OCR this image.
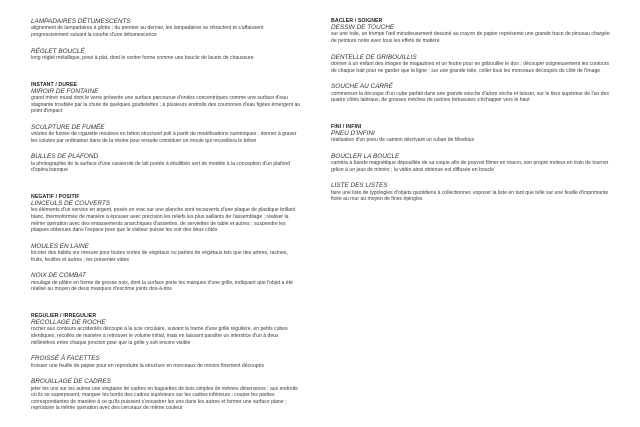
LAMPADAIRES DÉTUMESCENTS

alignement de lampadaires à globe ; du premier au dernier, les lampadaires se rétractent et s'affaissent progressivement suivant la courbe d'une détumescence

RÉGLET BOUCLÉ

long réglet métallique, posé à plat, dont le centre forme comme une boucle de lacets de chaussure

INSTANT / DUREE
MIROIR DE FONTAINE

grand miroir mural dont le verre présente une surface parcourue d'ondes concentriques comme une surface d'eau stagnante troublée par la chute de quelques gouttelettes ; à plusieurs endroits des couronnes d'eau figées émergent au point d'impact

SCULPTURE DE FUMÉE

volutes de fumée de cigarette moulées en béton structurel poli à partir de modélisations numériques ; donner à graver les volutes par ordinateur dans de la résine pour ensuite constituer un moule qui recueillera le béton

BULLES DE PLAFOND

la photographie de la surface d'une casserole de lait portée à ébullition sert de modèle à la conception d'un plafond d'opéra baroque

NEGATIF / POSITIF
LINCEULS DE COUVERTS

les éléments d'un service en argent, posés en vrac sur une planche sont recouverts d'une plaque de plastique brillant blanc, thermoformée de manière à épouser avec précision les reliefs les plus saillants de l'assemblage ; réaliser la même opération avec des entassements anarchiques d'assiettes, de serviettes de table et autres ; suspendre les plaques obtenues dans l'espace pour que le visiteur puisse les voir des deux côtés

MOULES EN LAINE

tricoter des habits sur mesure pour toutes sortes de végétaux ou parties de végétaux tels que des arbres, racines, fruits, feuilles et autres ; les présenter vides

NOIX DE COMBAT

moulage de plâtre en forme de grosse noix, dont la surface porte les marques d'une grille, indiquant que l'objet a été réalisé au moyen de deux masques d'escrime joints dos-à-dos

REGULIER / IRREGULIER
RECOLLAGE DE ROCHE

rocher aux contours accidentés découpé à la scie circulaire, suivant la trame d'une grille régulière, en petits cubes identiques, recollés de manière à retrouver le volume initial, mais en laissant paraître un interstice d'un à deux millimètres entre chaque jonction pour que la grille y soit encore visible

FROISSÉ À FACETTES

froisser une feuille de papier pour en reproduire la structure en morceaux de miroirs finement découpés

BROUILLAGE DE CADRES

jeter les uns sur les autres une vingtaine de cadres en baguettes de bois simples de mêmes dimensions ; aux endroits où ils se superposent, marquer les bords des cadres supérieurs sur les cadres inférieurs ; couper les parties correspondantes de manière à ce qu'ils puissent s'encastrer les uns dans les autres et former une surface plane ; reproduire la même opération avec des cerceaux de même couleur

BACLER / SOIGNER
DESSIN DE TOUCHE

sur une toile, un trompe l'œil minutieusement dessiné au crayon de papier représente une grande trace de pinceau chargée de peinture noire avec tous les effets de matière

DENTELLE DE GRIBOUILLIS

donner à un enfant des images de magazines et un feutre pour en gribouiller le dos ; découper soigneusement les contours de chaque trait pour ne garder que la ligne ; sur une grande toile, coller tous les morceaux découpés du côté de l'image

SOUCHE AU CARRÉ

commencer la découpe d'un cube parfait dans une grande souche d'arbre sèche et laisser, sur le tiers supérieur de l'un des quatre côtés latéraux, de grosses mèches de racines tortueuses s'échapper vers le haut

FINI / INFINI
PNEU D'INFINI

réalisation d'un pneu de camion décrivant un ruban de Moebius

BOUCLER LA BOUCLE

caméra à bande magnétique dépouillée de sa coque afin de pouvoir filmer en macro, son propre moteur en train de tourner grâce à un jeux de miroirs ; la vidéo ainsi obtenue est diffusée en boucle

LISTE DES LISTES

faire une liste de typologies d'objets quotidiens à collectionner, exposer la liste en tant que telle sur une feuille d'imprimante fixée au mur au moyen de fines épingles
